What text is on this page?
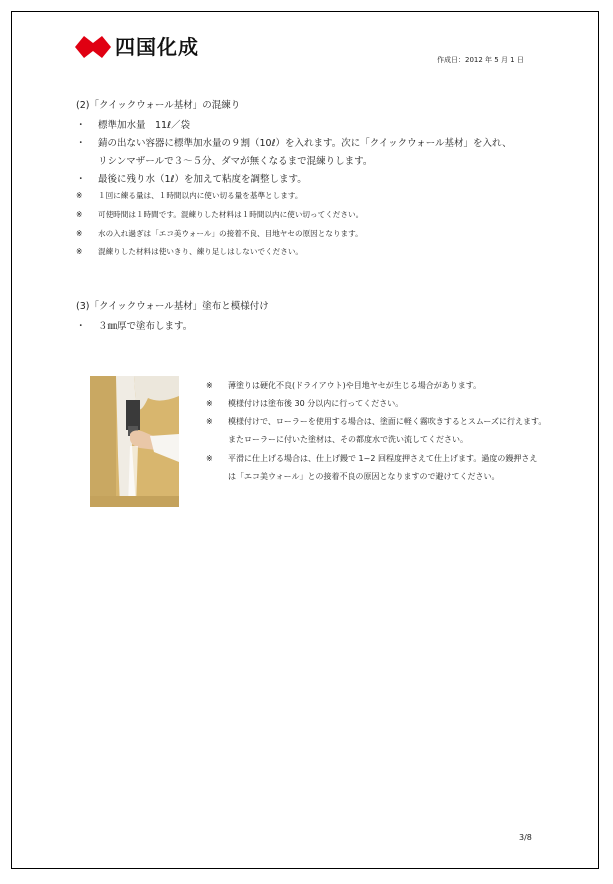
四国化成
作成日：2012 年 5 月 1 日
(2)「クイックウォール基材」の混練り
・ 標準加水量　11ℓ／袋
・ 錆の出ない容器に標準加水量の９割（10ℓ）を入れます。次に「クイックウォール基材」を入れ、
リシンマザールで３～５分、ダマが無くなるまで混練りします。
・ 最後に残り水（1ℓ）を加えて粘度を調整します。
※ １回に練る量は、１時間以内に使い切る量を基準とします。
※ 可使時間は１時間です。混練りした材料は１時間以内に使い切ってください。
※ 水の入れ過ぎは「エコ美ウォール」の接着不良、目地ヤセの原因となります。
※ 混練りした材料は使いきり、練り足しはしないでください。
(3)「クイックウォール基材」塗布と模様付け
・ ３㎜厚で塗布します。
※ 薄塗りは硬化不良(ドライアウト)や目地ヤセが生じる場合があります。
※ 模様付けは塗布後 30 分以内に行ってください。
※ 模様付けで、ローラーを使用する場合は、塗面に軽く霧吹きするとスムーズに行えます。
またローラーに付いた塗材は、その都度水で洗い流してください。
※ 平滑に仕上げる場合は、仕上げ鏝で 1~2 回程度押さえて仕上げます。過度の鏝押さえ
は「エコ美ウォール」との接着不良の原因となりますので避けてください。
3/8
